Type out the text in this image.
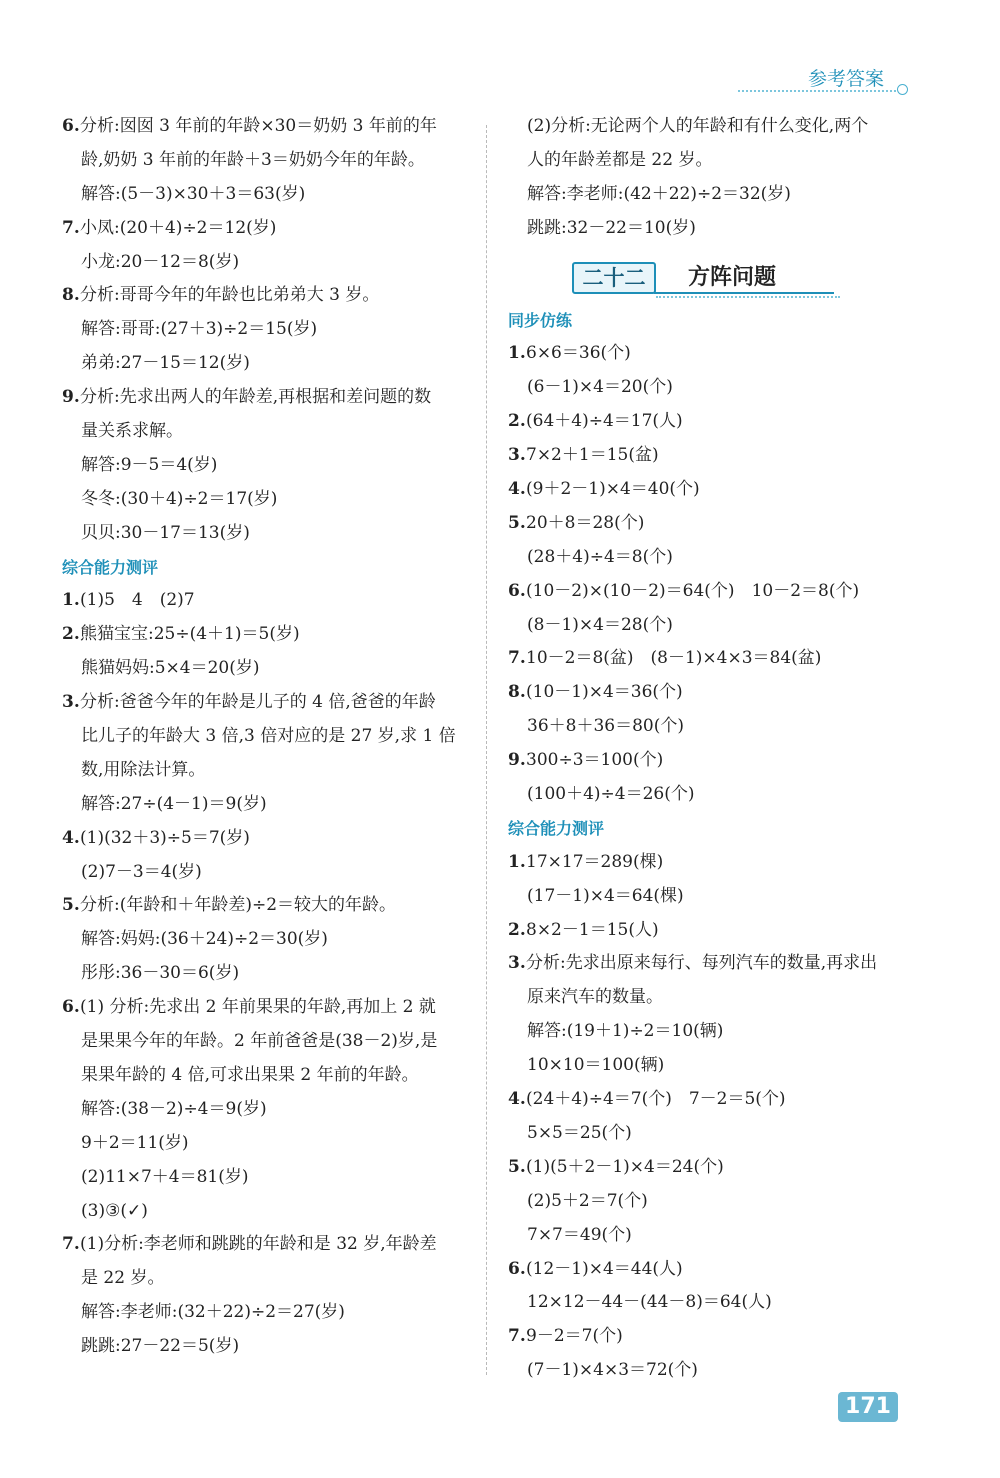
参考答案
6.分析:囡囡 3 年前的年龄×30＝奶奶 3 年前的年
龄,奶奶 3 年前的年龄＋3＝奶奶今年的年龄。
解答:(5－3)×30＋3＝63(岁)
7.小凤:(20＋4)÷2＝12(岁)
小龙:20－12＝8(岁)
8.分析:哥哥今年的年龄也比弟弟大 3 岁。
解答:哥哥:(27＋3)÷2＝15(岁)
弟弟:27－15＝12(岁)
9.分析:先求出两人的年龄差,再根据和差问题的数
量关系求解。
解答:9－5＝4(岁)
冬冬:(30＋4)÷2＝17(岁)
贝贝:30－17＝13(岁)
综合能力测评
1.(1)5　4　(2)7
2.熊猫宝宝:25÷(4＋1)＝5(岁)
熊猫妈妈:5×4＝20(岁)
3.分析:爸爸今年的年龄是儿子的 4 倍,爸爸的年龄
比儿子的年龄大 3 倍,3 倍对应的是 27 岁,求 1 倍
数,用除法计算。
解答:27÷(4－1)＝9(岁)
4.(1)(32＋3)÷5＝7(岁)
(2)7－3＝4(岁)
5.分析:(年龄和＋年龄差)÷2＝较大的年龄。
解答:妈妈:(36＋24)÷2＝30(岁)
彤彤:36－30＝6(岁)
6.(1) 分析:先求出 2 年前果果的年龄,再加上 2 就
是果果今年的年龄。2 年前爸爸是(38－2)岁,是
果果年龄的 4 倍,可求出果果 2 年前的年龄。
解答:(38－2)÷4＝9(岁)
9＋2＝11(岁)
(2)11×7＋4＝81(岁)
(3)③(✓)
7.(1)分析:李老师和跳跳的年龄和是 32 岁,年龄差
是 22 岁。
解答:李老师:(32＋22)÷2＝27(岁)
跳跳:27－22＝5(岁)
(2)分析:无论两个人的年龄和有什么变化,两个
人的年龄差都是 22 岁。
解答:李老师:(42＋22)÷2＝32(岁)
跳跳:32－22＝10(岁)
二十二	方阵问题
同步仿练
1.6×6＝36(个)
(6－1)×4＝20(个)
2.(64＋4)÷4＝17(人)
3.7×2＋1＝15(盆)
4.(9＋2－1)×4＝40(个)
5.20＋8＝28(个)
(28＋4)÷4＝8(个)
6.(10－2)×(10－2)＝64(个)　10－2＝8(个)
(8－1)×4＝28(个)
7.10－2＝8(盆)　(8－1)×4×3＝84(盆)
8.(10－1)×4＝36(个)
36＋8＋36＝80(个)
9.300÷3＝100(个)
(100＋4)÷4＝26(个)
综合能力测评
1.17×17＝289(棵)
(17－1)×4＝64(棵)
2.8×2－1＝15(人)
3.分析:先求出原来每行、每列汽车的数量,再求出
原来汽车的数量。
解答:(19＋1)÷2＝10(辆)
10×10＝100(辆)
4.(24＋4)÷4＝7(个)　7－2＝5(个)
5×5＝25(个)
5.(1)(5＋2－1)×4＝24(个)
(2)5＋2＝7(个)
7×7＝49(个)
6.(12－1)×4＝44(人)
12×12－44－(44－8)＝64(人)
7.9－2＝7(个)
(7－1)×4×3＝72(个)
171
